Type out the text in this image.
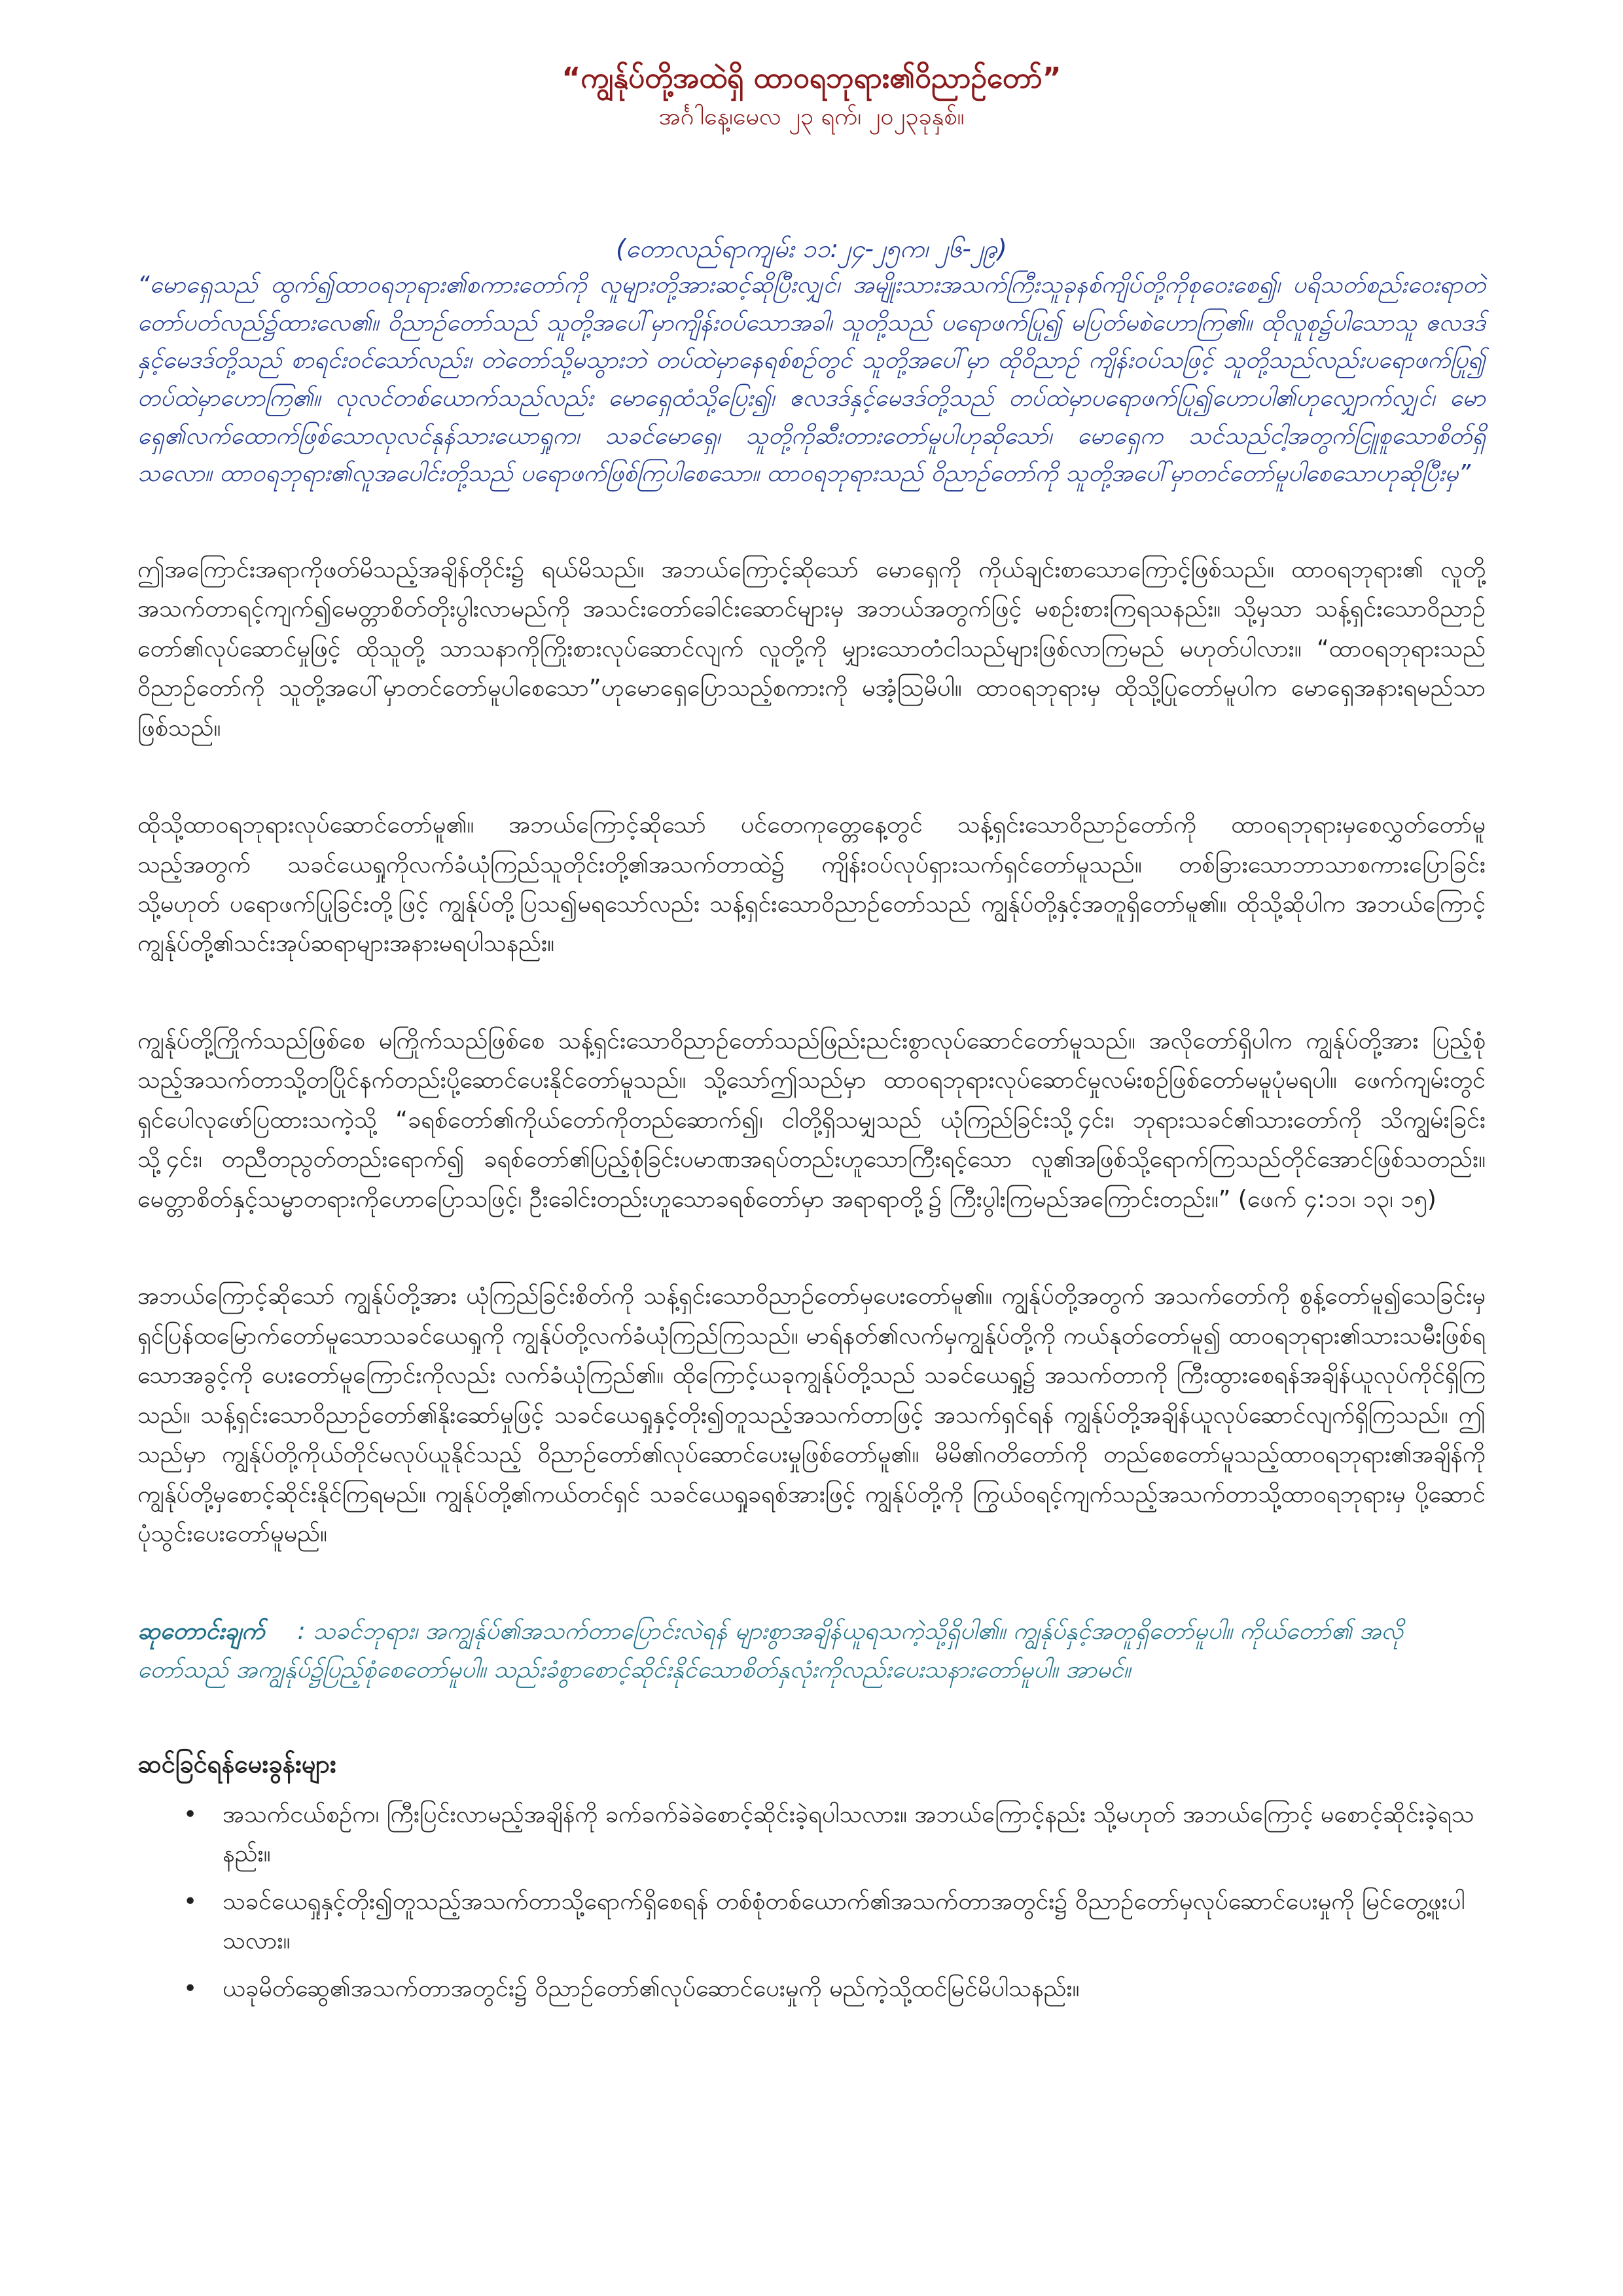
“ကျွန်ုပ်တို့အထဲရှိ ထာဝရဘုရား၏ဝိညာဉ်တော်”

အင်္ဂါနေ့၊မေလ ၂၃ ရက်၊ ၂၀၂၃ခုနှစ်။

(တောလည်ရာကျမ်း ၁၁:၂၄-၂၅က၊ ၂၆-၂၉)

“မောရှေသည် ထွက်၍ထာဝရဘုရား၏စကားတော်ကို လူများတို့အားဆင့်ဆိုပြီးလျှင်၊ အမျိုးသားအသက်ကြီးသူခုနစ်ကျိပ်တို့ကိုစုဝေးစေ၍၊ ပရိသတ်စည်းဝေးရာတဲတော်ပတ်လည်၌ထားလေ၏။ ဝိညာဉ်တော်သည် သူတို့အပေါ်မှာကျိန်းဝပ်သောအခါ၊ သူတို့သည် ပရောဖက်ပြု၍ မပြတ်မစဲဟောကြ၏။ ထိုလူစု၌ပါသောသူ ဧလဒဒ်နှင့်မေဒဒ်တို့သည် စာရင်းဝင်သော်လည်း၊ တဲတော်သို့မသွားဘဲ တပ်ထဲမှာနေရစ်စဉ်တွင် သူတို့အပေါ်မှာ ထိုဝိညာဉ် ကျိန်းဝပ်သဖြင့် သူတို့သည်လည်းပရောဖက်ပြု၍ တပ်ထဲမှာဟောကြ၏။ လုလင်တစ်ယောက်သည်လည်း မောရှေထံသို့ပြေး၍၊ ဧလဒဒ်နှင့်မေဒဒ်တို့သည် တပ်ထဲမှာပရောဖက်ပြု၍ဟောပါ၏ဟုလျှောက်လျှင်၊ မောရှေ၏လက်ထောက်ဖြစ်သောလုလင်နုန်သားယောရှုက၊ သခင်မောရှေ၊ သူတို့ကိုဆီးတားတော်မူပါဟုဆိုသော်၊ မောရှေက သင်သည်ငါ့အတွက်ငြူစူသောစိတ်ရှိသလော။ ထာဝရဘုရား၏လူအပေါင်းတို့သည် ပရောဖက်ဖြစ်ကြပါစေသော။ ထာဝရဘုရားသည် ဝိညာဉ်တော်ကို သူတို့အပေါ်မှာတင်တော်မူပါစေသောဟုဆိုပြီးမှ”

ဤအကြောင်းအရာကိုဖတ်မိသည့်အချိန်တိုင်း၌ ရယ်မိသည်။ အဘယ်ကြောင့်ဆိုသော် မောရှေကို ကိုယ်ချင်းစာသောကြောင့်ဖြစ်သည်။ ထာဝရဘုရား၏ လူတို့ အသက်တာရင့်ကျက်၍မေတ္တာစိတ်တိုးပွါးလာမည်ကို အသင်းတော်ခေါင်းဆောင်များမှ အဘယ်အတွက်ဖြင့် မစဉ်းစားကြရသနည်း။ သို့မှသာ သန့်ရှင်းသောဝိညာဉ်တော်၏လုပ်ဆောင်မှုဖြင့် ထိုသူတို့ သာသနာကိုကြိုးစားလုပ်ဆောင်လျက် လူတို့ကို မျှားသောတံငါသည်များဖြစ်လာကြမည် မဟုတ်ပါလား။ “ထာဝရဘုရားသည် ဝိညာဉ်တော်ကို သူတို့အပေါ်မှာတင်တော်မူပါစေသော”ဟုမောရှေပြောသည့်စကားကို မအံ့ဩမိပါ။ ထာဝရဘုရားမှ ထိုသို့ပြုတော်မူပါက မောရှေအနားရမည်သာဖြစ်သည်။

ထိုသို့ထာဝရဘုရားလုပ်ဆောင်တော်မူ၏။ အဘယ်ကြောင့်ဆိုသော် ပင်တေကုတ္တေနေ့တွင် သန့်ရှင်းသောဝိညာဉ်တော်ကို ထာဝရဘုရားမှစေလွှတ်တော်မူသည့်အတွက် သခင်ယေရှုကိုလက်ခံယုံကြည်သူတိုင်းတို့၏အသက်တာထဲ၌ ကျိန်းဝပ်လုပ်ရှားသက်ရှင်တော်မူသည်။ တစ်ခြားသောဘာသာစကားပြောခြင်း သို့မဟုတ် ပရောဖက်ပြုခြင်းတို့ဖြင့် ကျွန်ုပ်တို့ပြသ၍မရသော်လည်း သန့်ရှင်းသောဝိညာဉ်တော်သည် ကျွန်ုပ်တို့နှင့်အတူရှိတော်မူ၏။ ထိုသို့ဆိုပါက အဘယ်ကြောင့် ကျွန်ုပ်တို့၏သင်းအုပ်ဆရာများအနားမရပါသနည်း။

ကျွန်ုပ်တို့ကြိုက်သည်ဖြစ်စေ မကြိုက်သည်ဖြစ်စေ သန့်ရှင်းသောဝိညာဉ်တော်သည်ဖြည်းညင်းစွာလုပ်ဆောင်တော်မူသည်။ အလိုတော်ရှိပါက ကျွန်ုပ်တို့အား ပြည့်စုံသည့်အသက်တာသို့တပြိုင်နက်တည်းပို့ဆောင်ပေးနိုင်တော်မူသည်။ သို့သော်ဤသည်မှာ ထာဝရဘုရားလုပ်ဆောင်မှုလမ်းစဉ်ဖြစ်တော်မမူပုံမရပါ။ ဖေက်ကျမ်းတွင် ရှင်ပေါလုဖော်ပြထားသကဲ့သို့ “ခရစ်တော်၏ကိုယ်တော်ကိုတည်ဆောက်၍၊ ငါတို့ရှိသမျှသည် ယုံကြည်ခြင်းသို့၄င်း၊ ဘုရားသခင်၏သားတော်ကို သိကျွမ်းခြင်းသို့၄င်း၊ တညီတညွတ်တည်းရောက်၍ ခရစ်တော်၏ပြည့်စုံခြင်းပမာဏအရပ်တည်းဟူသောကြီးရင့်သော လူ၏အဖြစ်သို့ရောက်ကြသည်တိုင်အောင်ဖြစ်သတည်း။ မေတ္တာစိတ်နှင့်သမ္မာတရားကိုဟောပြောသဖြင့်၊ ဦးခေါင်းတည်းဟူသောခရစ်တော်မှာ အရာရာတို့၌ ကြီးပွါးကြမည်အကြောင်းတည်း။” (ဖေက် ၄:၁၁၊ ၁၃၊ ၁၅)

အဘယ်ကြောင့်ဆိုသော် ကျွန်ုပ်တို့အား ယုံကြည်ခြင်းစိတ်ကို သန့်ရှင်းသောဝိညာဉ်တော်မှပေးတော်မူ၏။ ကျွန်ုပ်တို့အတွက် အသက်တော်ကို စွန့်တော်မူ၍သေခြင်းမှ ရှင်ပြန်ထမြောက်တော်မူသောသခင်ယေရှုကို ကျွန်ုပ်တို့လက်ခံယုံကြည်ကြသည်။ မာရ်နတ်၏လက်မှကျွန်ုပ်တို့ကို ကယ်နုတ်တော်မူ၍ ထာဝရဘုရား၏သားသမီးဖြစ်ရသောအခွင့်ကို ပေးတော်မူကြောင်းကိုလည်း လက်ခံယုံကြည်၏။ ထိုကြောင့်ယခုကျွန်ုပ်တို့သည် သခင်ယေရှု၌ အသက်တာကို ကြီးထွားစေရန်အချိန်ယူလုပ်ကိုင်ရှိကြသည်။ သန့်ရှင်းသောဝိညာဉ်တော်၏နိုးဆော်မှုဖြင့် သခင်ယေရှုနှင့်တိုး၍တူသည့်အသက်တာဖြင့် အသက်ရှင်ရန် ကျွန်ုပ်တို့အချိန်ယူလုပ်ဆောင်လျက်ရှိကြသည်။ ဤသည်မှာ ကျွန်ုပ်တို့ကိုယ်တိုင်မလုပ်ယူနိုင်သည့် ဝိညာဉ်တော်၏လုပ်ဆောင်ပေးမှုဖြစ်တော်မူ၏။ မိမိ၏ဂတိတော်ကို တည်စေတော်မူသည့်ထာဝရဘုရား၏အချိန်ကို ကျွန်ုပ်တို့မှစောင့်ဆိုင်းနိုင်ကြရမည်။ ကျွန်ုပ်တို့၏ကယ်တင်ရှင် သခင်ယေရှုခရစ်အားဖြင့် ကျွန်ုပ်တို့ကို ကြွယ်ဝရင့်ကျက်သည့်အသက်တာသို့ထာဝရဘုရားမှ ပို့ဆောင်ပုံသွင်းပေးတော်မူမည်။

ဆုတောင်းချက် : သခင်ဘုရား၊ အကျွန်ုပ်၏အသက်တာပြောင်းလဲရန် များစွာအချိန်ယူရသကဲ့သို့ရှိပါ၏။ ကျွန်ုပ်နှင့်အတူရှိတော်မူပါ။ ကိုယ်တော်၏ အလိုတော်သည် အကျွန်ုပ်၌ပြည့်စုံစေတော်မူပါ။ သည်းခံစွာစောင့်ဆိုင်းနိုင်သောစိတ်နှလုံးကိုလည်းပေးသနားတော်မူပါ။ အာမင်။

ဆင်ခြင်ရန်မေးခွန်းများ
• အသက်ငယ်စဉ်က၊ ကြီးပြင်းလာမည့်အချိန်ကို ခက်ခက်ခဲခဲစောင့်ဆိုင်းခဲ့ရပါသလား။ အဘယ်ကြောင့်နည်း သို့မဟုတ် အဘယ်ကြောင့် မစောင့်ဆိုင်းခဲ့ရသနည်း။
• သခင်ယေရှုနှင့်တိုး၍တူသည့်အသက်တာသို့ရောက်ရှိစေရန် တစ်စုံတစ်ယောက်၏အသက်တာအတွင်း၌ ဝိညာဉ်တော်မှလုပ်ဆောင်ပေးမှုကို မြင်တွေ့ဖူးပါသလား။
• ယခုမိတ်ဆွေ၏အသက်တာအတွင်း၌ ဝိညာဉ်တော်၏လုပ်ဆောင်ပေးမှုကို မည်ကဲ့သို့ထင်မြင်မိပါသနည်း။
